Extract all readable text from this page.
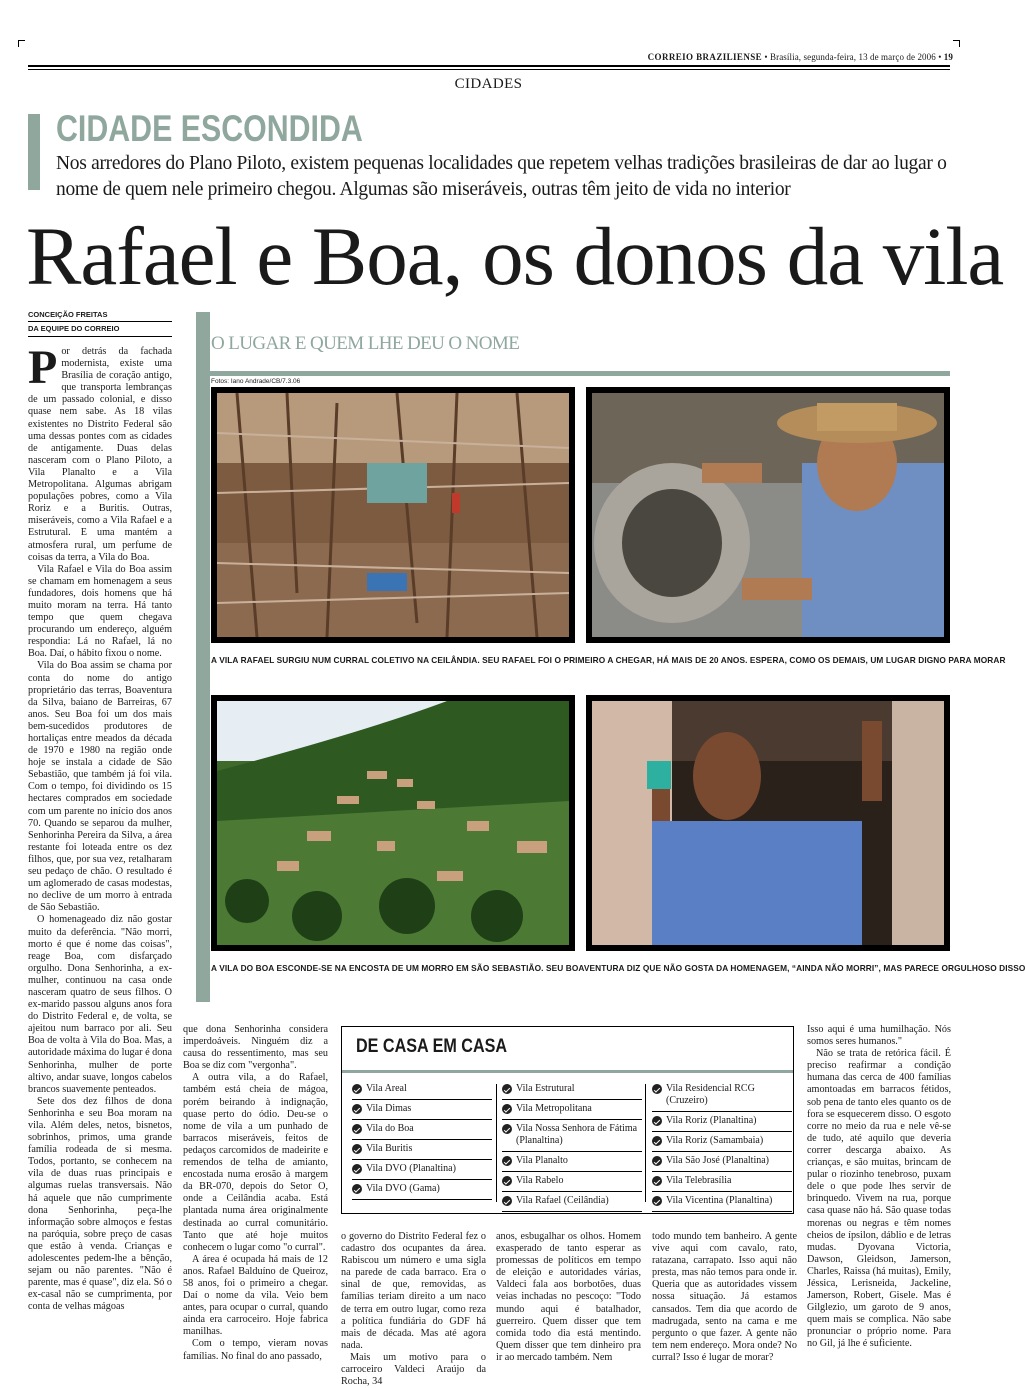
CORREIO BRAZILIENSE • Brasília, segunda-feira, 13 de março de 2006 • 19
CIDADES
CIDADE ESCONDIDA
Nos arredores do Plano Piloto, existem pequenas localidades que repetem velhas tradições brasileiras de dar ao lugar o nome de quem nele primeiro chegou. Algumas são miseráveis, outras têm jeito de vida no interior
Rafael e Boa, os donos da vila
CONCEIÇÃO FREITAS
DA EQUIPE DO CORREIO
P or detrás da fachada modernista, existe uma Brasília de coração antigo, que transporta lembranças de um passado colonial, e disso quase nem sabe. As 18 vilas existentes no Distrito Federal são uma dessas pontes com as cidades de antigamente. Duas delas nasceram com o Plano Piloto, a Vila Planalto e a Vila Metropolitana. Algumas abrigam populações pobres, como a Vila Roriz e a Buritis. Outras, miseráveis, como a Vila Rafael e a Estrutural. E uma mantém a atmosfera rural, um perfume de coisas da terra, a Vila do Boa.

Vila Rafael e Vila do Boa assim se chamam em homenagem a seus fundadores, dois homens que há muito moram na terra. Há tanto tempo que quem chegava procurando um endereço, alguém respondia: Lá no Rafael, lá no Boa. Daí, o hábito fixou o nome.

Vila do Boa assim se chama por conta do nome do antigo proprietário das terras, Boaventura da Silva, baiano de Barreiras, 67 anos. Seu Boa foi um dos mais bem-sucedidos produtores de hortaliças entre meados da década de 1970 e 1980 na região onde hoje se instala a cidade de São Sebastião, que também já foi vila. Com o tempo, foi dividindo os 15 hectares comprados em sociedade com um parente no início dos anos 70. Quando se separou da mulher, Senhorinha Pereira da Silva, a área restante foi loteada entre os dez filhos, que, por sua vez, retalharam seu pedaço de chão. O resultado é um aglomerado de casas modestas, no declive de um morro à entrada de São Sebastião.

O homenageado diz não gostar muito da deferência. "Não morri, morto é que é nome das coisas", reage Boa, com disfarçado orgulho. Dona Senhorinha, a ex-mulher, continuou na casa onde nasceram quatro de seus filhos. O ex-marido passou alguns anos fora do Distrito Federal e, de volta, se ajeitou num barraco por ali. Seu Boa de volta à Vila do Boa. Mas, a autoridade máxima do lugar é dona Senhorinha, mulher de porte altivo, andar suave, longos cabelos brancos suavemente penteados.

Sete dos dez filhos de dona Senhorinha e seu Boa moram na vila. Além deles, netos, bisnetos, sobrinhos, primos, uma grande família rodeada de si mesma. Todos, portanto, se conhecem na vila de duas ruas principais e algumas ruelas transversais. Não há aquele que não cumprimente dona Senhorinha, peça-lhe informação sobre almoços e festas na paróquia, sobre preço de casas que estão à venda. Crianças e adolescentes pedem-lhe a bênção, sejam ou não parentes. "Não é parente, mas é quase", diz ela. Só o ex-casal não se cumprimenta, por conta de velhas mágoas

O LUGAR E QUEM LHE DEU O NOME
Fotos: Iano Andrade/CB/7.3.06
A VILA RAFAEL SURGIU NUM CURRAL COLETIVO NA CEILÂNDIA. SEU RAFAEL FOI O PRIMEIRO A CHEGAR, HÁ MAIS DE 20 ANOS. ESPERA, COMO OS DEMAIS, UM LUGAR DIGNO PARA MORAR
A VILA DO BOA ESCONDE-SE NA ENCOSTA DE UM MORRO EM SÃO SEBASTIÃO. SEU BOAVENTURA DIZ QUE NÃO GOSTA DA HOMENAGEM, “AINDA NÃO MORRI”, MAS PARECE ORGULHOSO DISSO

que dona Senhorinha considera imperdoáveis. Ninguém diz a causa do ressentimento, mas seu Boa se diz com "vergonha".

A outra vila, a do Rafael, também está cheia de mágoa, porém beirando à indignação, quase perto do ódio. Deu-se o nome de vila a um punhado de barracos miseráveis, feitos de pedaços carcomidos de madeirite e remendos de telha de amianto, encostada numa erosão à margem da BR-070, depois do Setor O, onde a Ceilândia acaba. Está plantada numa área originalmente destinada ao curral comunitário. Tanto que até hoje muitos conhecem o lugar como "o curral".

A área é ocupada há mais de 12 anos. Rafael Balduíno de Queiroz, 58 anos, foi o primeiro a chegar. Daí o nome da vila. Veio bem antes, para ocupar o curral, quando ainda era carroceiro. Hoje fabrica manilhas.

Com o tempo, vieram novas famílias. No final do ano passado,

DE CASA EM CASA
Vila Areal
Vila Dimas
Vila do Boa
Vila Buritis
Vila DVO (Planaltina)
Vila DVO (Gama)
Vila Estrutural
Vila Metropolitana
Vila Nossa Senhora de Fátima (Planaltina)
Vila Planalto
Vila Rabelo
Vila Rafael (Ceilândia)
Vila Residencial RCG (Cruzeiro)
Vila Roriz (Planaltina)
Vila Roriz (Samambaia)
Vila São José (Planaltina)
Vila Telebrasília
Vila Vicentina (Planaltina)

o governo do Distrito Federal fez o cadastro dos ocupantes da área. Rabiscou um número e uma sigla na parede de cada barraco. Era o sinal de que, removidas, as famílias teriam direito a um naco de terra em outro lugar, como reza a política fundiária do GDF há mais de década. Mas até agora nada.

Mais um motivo para o carroceiro Valdeci Araújo da Rocha, 34

anos, esbugalhar os olhos. Homem exasperado de tanto esperar as promessas de políticos em tempo de eleição e autoridades várias, Valdeci fala aos borbotões, duas veias inchadas no pescoço: "Todo mundo aqui é batalhador, guerreiro. Quem disser que tem comida todo dia está mentindo. Quem disser que tem dinheiro pra ir ao mercado também. Nem

todo mundo tem banheiro. A gente vive aqui com cavalo, rato, ratazana, carrapato. Isso aqui não presta, mas não temos para onde ir. Queria que as autoridades vissem nossa situação. Já estamos cansados. Tem dia que acordo de madrugada, sento na cama e me pergunto o que fazer. A gente não tem nem endereço. Mora onde? No curral? Isso é lugar de morar?

Isso aqui é uma humilhação. Nós somos seres humanos."

Não se trata de retórica fácil. É preciso reafirmar a condição humana das cerca de 400 famílias amontoadas em barracos fétidos, sob pena de tanto eles quanto os de fora se esquecerem disso. O esgoto corre no meio da rua e nele vê-se de tudo, até aquilo que deveria correr descarga abaixo. As crianças, e são muitas, brincam de pular o riozinho tenebroso, puxam dele o que pode lhes servir de brinquedo. Vivem na rua, porque casa quase não há. São quase todas morenas ou negras e têm nomes cheios de ípsilon, dáblio e de letras mudas. Dyovana Victoria, Dawson, Gleidson, Jamerson, Charles, Raissa (há muitas), Emily, Jéssica, Lerisneida, Jackeline, Jamerson, Robert, Gisele. Mas é Gilglezio, um garoto de 9 anos, quem mais se complica. Não sabe pronunciar o próprio nome. Para no Gil, já lhe é suficiente.
